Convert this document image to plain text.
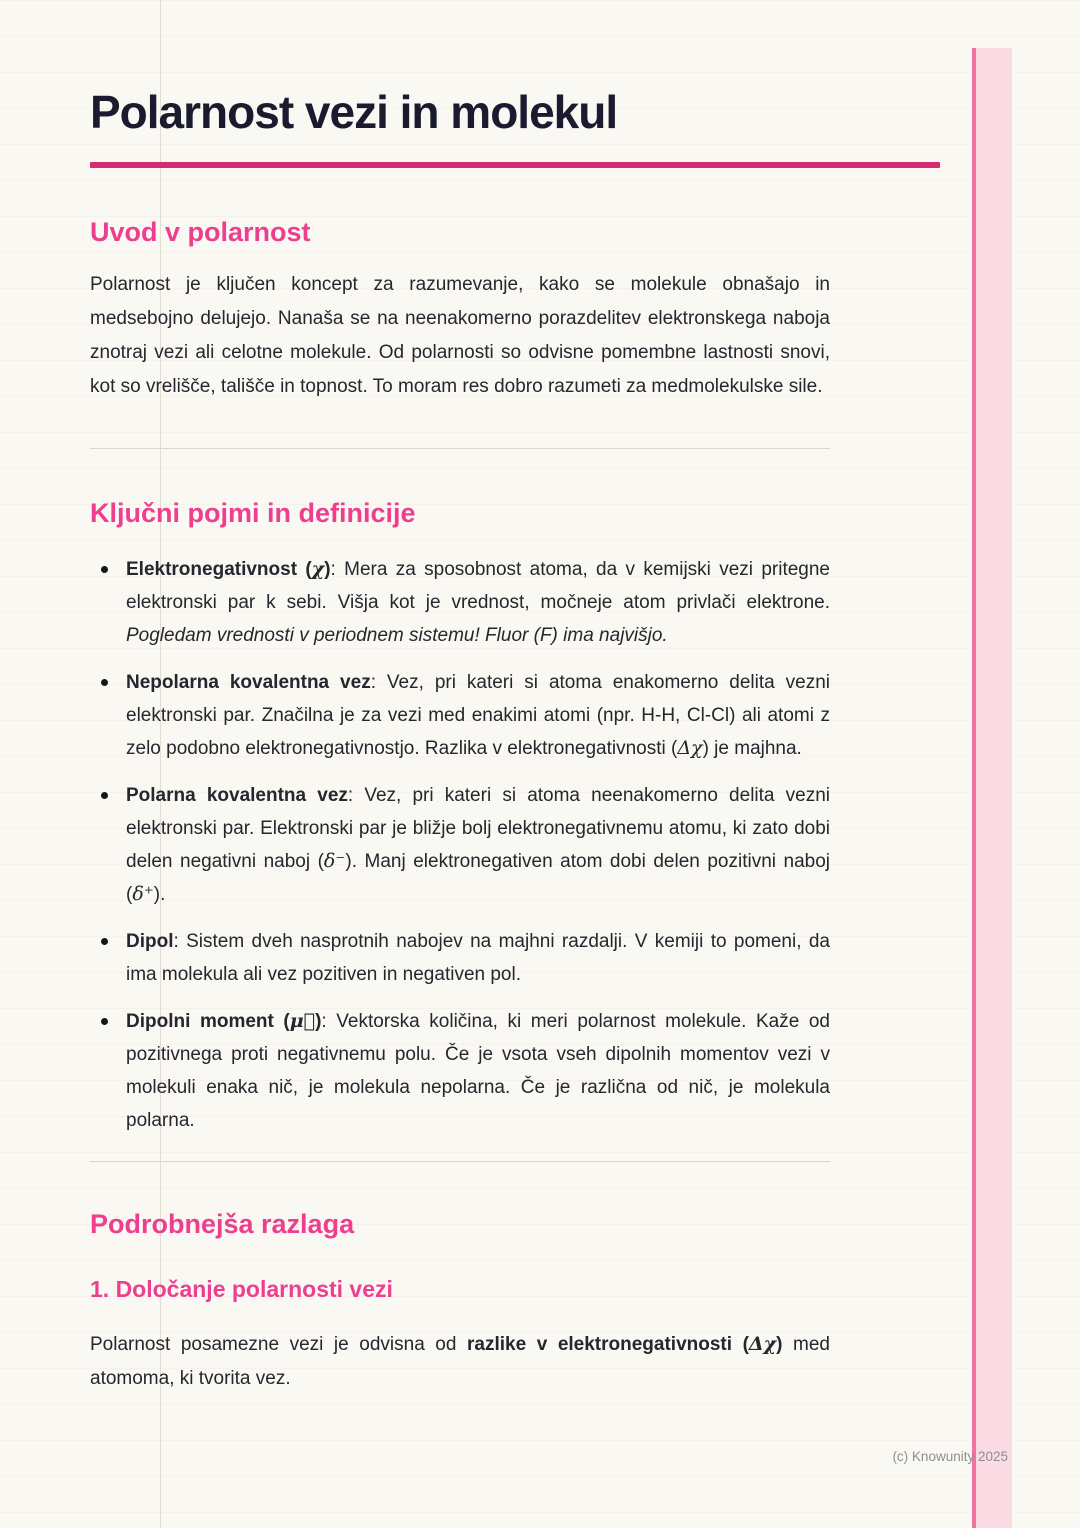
Polarnost vezi in molekul
Uvod v polarnost

Polarnost je ključen koncept za razumevanje, kako se molekule obnašajo in medsebojno delujejo. Nanaša se na neenakomerno porazdelitev elektronskega naboja znotraj vezi ali celotne molekule. Od polarnosti so odvisne pomembne lastnosti snovi, kot so vrelišče, tališče in topnost. To moram res dobro razumeti za medmolekulske sile.

Ključni pojmi in definicije
Elektronegativnost (χ): Mera za sposobnost atoma, da v kemijski vezi pritegne elektronski par k sebi. Višja kot je vrednost, močneje atom privlači elektrone. Pogledam vrednosti v periodnem sistemu! Fluor (F) ima najvišjo.
Nepolarna kovalentna vez: Vez, pri kateri si atoma enakomerno delita vezni elektronski par. Značilna je za vezi med enakimi atomi (npr. H-H, Cl-Cl) ali atomi z zelo podobno elektronegativnostjo. Razlika v elektronegativnosti (Δχ) je majhna.
Polarna kovalentna vez: Vez, pri kateri si atoma neenakomerno delita vezni elektronski par. Elektronski par je bližje bolj elektronegativnemu atomu, ki zato dobi delen negativni naboj (δ⁻). Manj elektronegativen atom dobi delen pozitivni naboj (δ⁺).
Dipol: Sistem dveh nasprotnih nabojev na majhni razdalji. V kemiji to pomeni, da ima molekula ali vez pozitiven in negativen pol.
Dipolni moment (μ⃗): Vektorska količina, ki meri polarnost molekule. Kaže od pozitivnega proti negativnemu polu. Če je vsota vseh dipolnih momentov vezi v molekuli enaka nič, je molekula nepolarna. Če je različna od nič, je molekula polarna.
Podrobnejša razlaga
1. Določanje polarnosti vezi

Polarnost posamezne vezi je odvisna od razlike v elektronegativnosti (Δχ) med atomoma, ki tvorita vez.

(c) Knowunity 2025
